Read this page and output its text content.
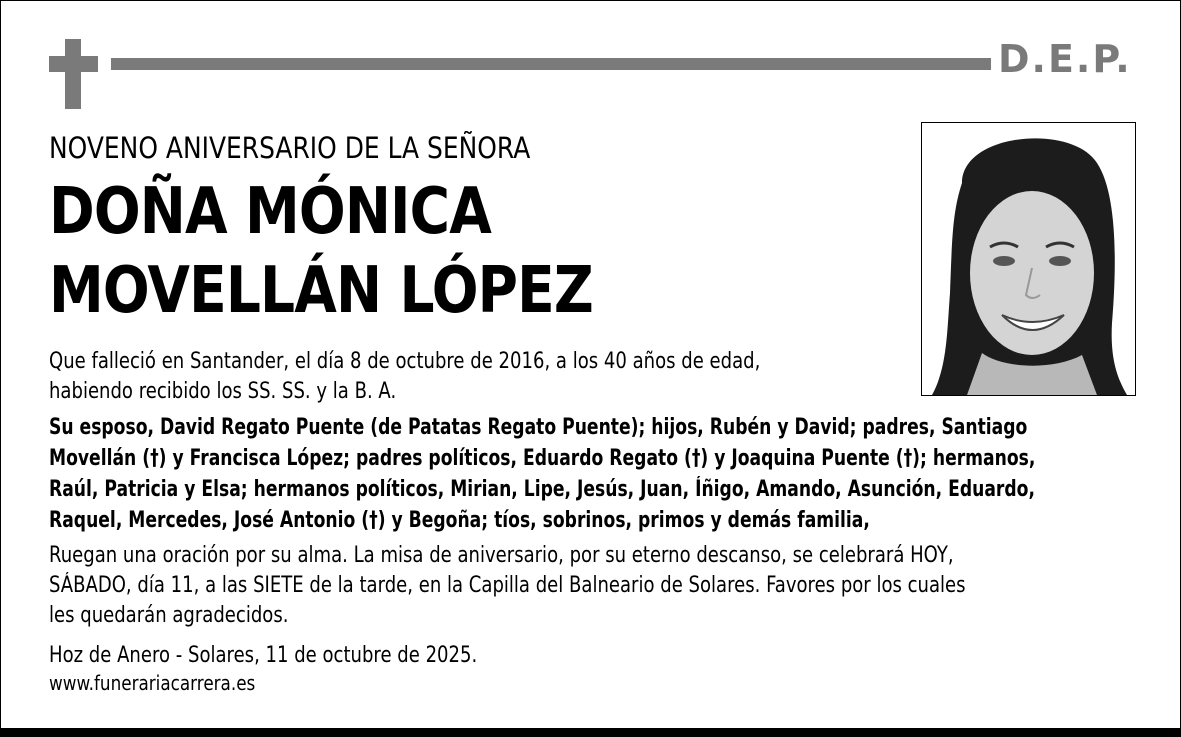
D.E.P.
NOVENO ANIVERSARIO DE LA SEÑORA
DOÑA MÓNICA
MOVELLÁN LÓPEZ
Que falleció en Santander, el día 8 de octubre de 2016, a los 40 años de edad,
habiendo recibido los SS. SS. y la B. A.
Su esposo, David Regato Puente (de Patatas Regato Puente); hijos, Rubén y David; padres, Santiago
Movellán (†) y Francisca López; padres políticos, Eduardo Regato (†) y Joaquina Puente (†); hermanos,
Raúl, Patricia y Elsa; hermanos políticos, Mirian, Lipe, Jesús, Juan, Íñigo, Amando, Asunción, Eduardo,
Raquel, Mercedes, José Antonio (†) y Begoña; tíos, sobrinos, primos y demás familia,
Ruegan una oración por su alma. La misa de aniversario, por su eterno descanso, se celebrará HOY,
SÁBADO, día 11, a las SIETE de la tarde, en la Capilla del Balneario de Solares. Favores por los cuales
les quedarán agradecidos.
Hoz de Anero - Solares, 11 de octubre de 2025.
www.funerariacarrera.es
